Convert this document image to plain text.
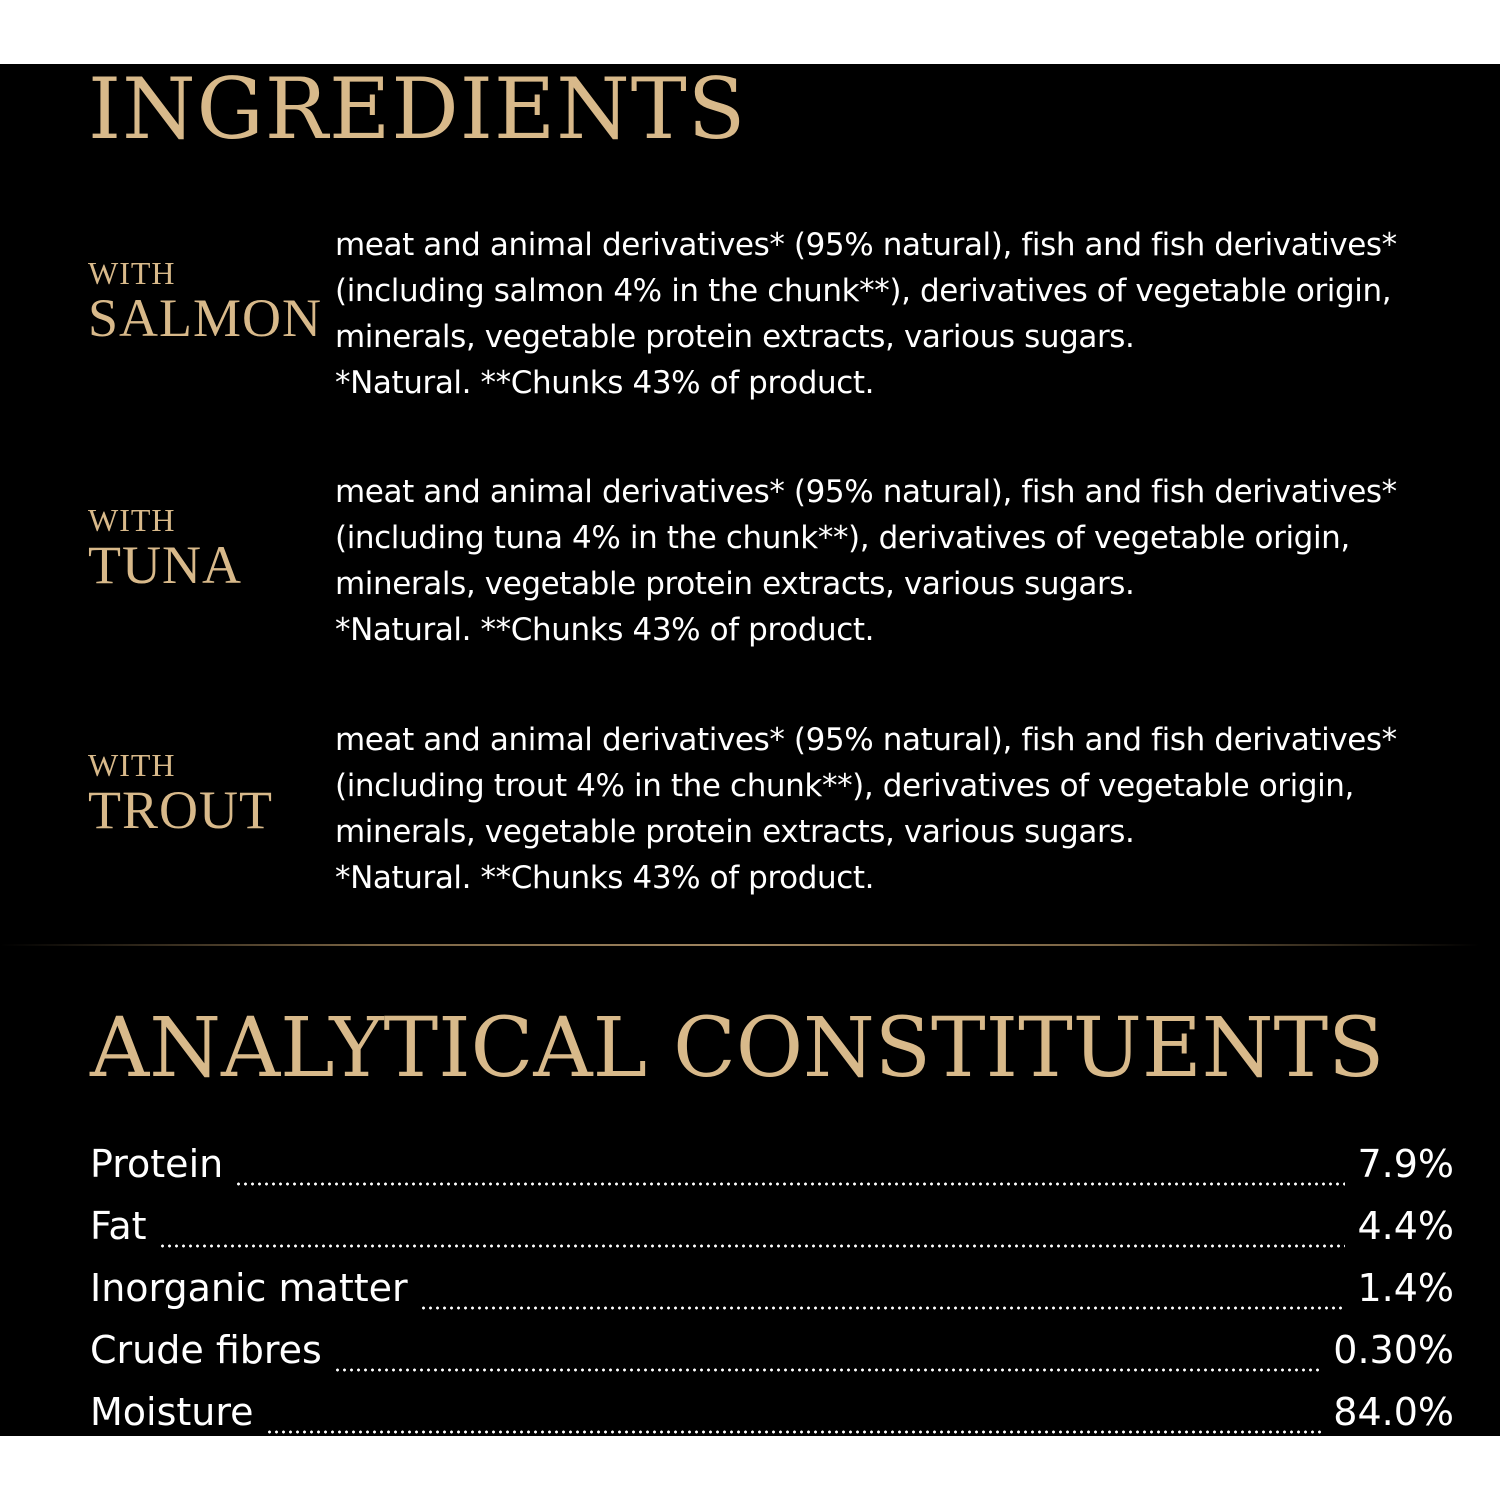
INGREDIENTS
WITH
SALMON

meat and animal derivatives* (95% natural), fish and fish derivatives*
(including salmon 4% in the chunk**), derivatives of vegetable origin,
minerals, vegetable protein extracts, various sugars.
*Natural. **Chunks 43% of product.

WITH
TUNA

meat and animal derivatives* (95% natural), fish and fish derivatives*
(including tuna 4% in the chunk**), derivatives of vegetable origin,
minerals, vegetable protein extracts, various sugars.
*Natural. **Chunks 43% of product.

WITH
TROUT

meat and animal derivatives* (95% natural), fish and fish derivatives*
(including trout 4% in the chunk**), derivatives of vegetable origin,
minerals, vegetable protein extracts, various sugars.
*Natural. **Chunks 43% of product.

ANALYTICAL CONSTITUENTS
Protein	7.9%
Fat	4.4%
Inorganic matter	1.4%
Crude fibres	0.30%
Moisture	84.0%
